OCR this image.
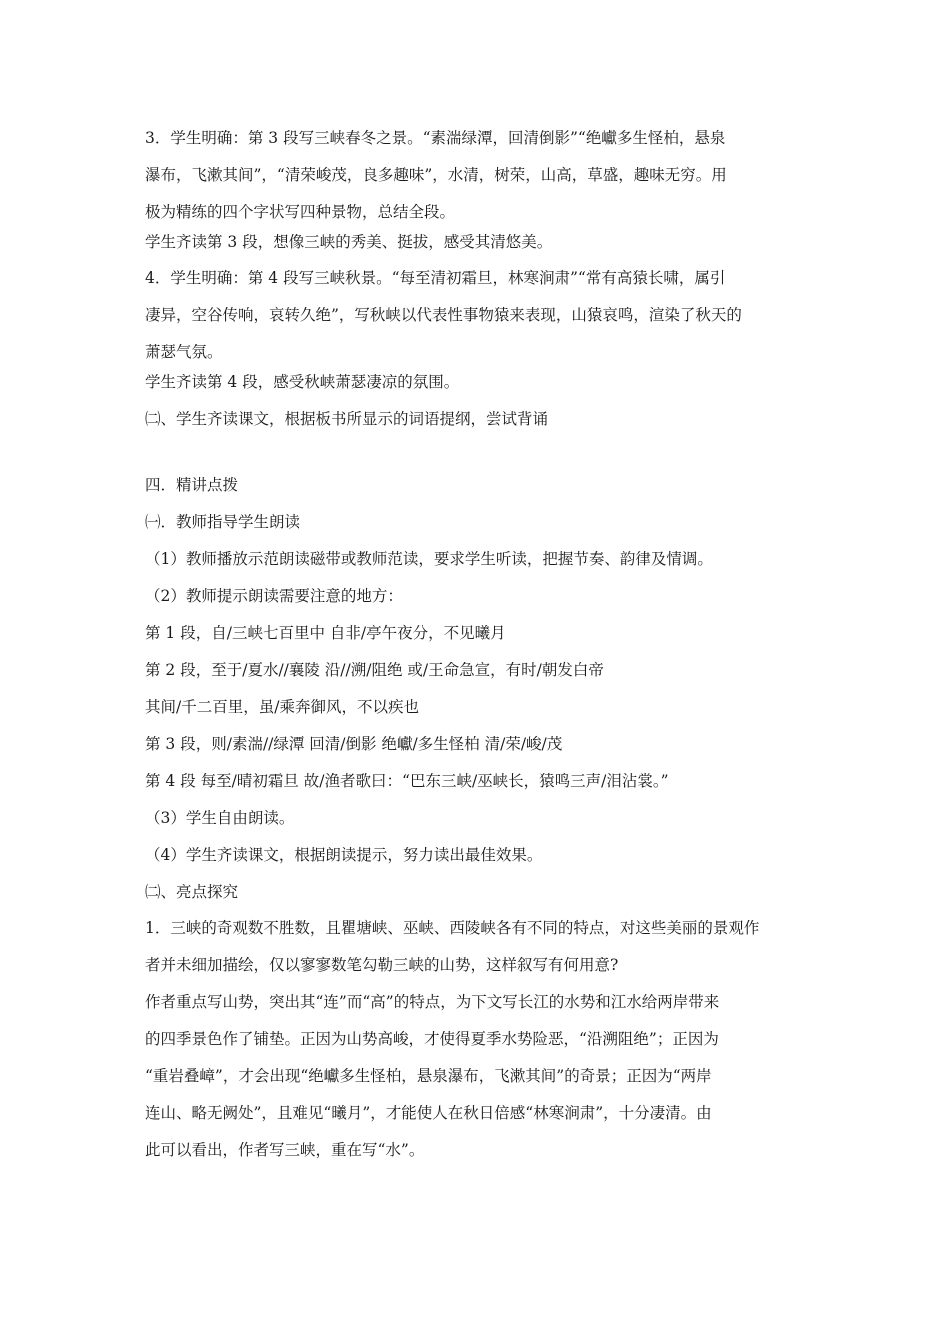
3．学生明确：第 3 段写三峡春冬之景。“素湍绿潭，回清倒影”“绝巘多生怪柏，悬泉

瀑布，飞漱其间”，“清荣峻茂，良多趣味”，水清，树荣，山高，草盛，趣味无穷。用

极为精练的四个字状写四种景物，总结全段。

学生齐读第 3 段，想像三峡的秀美、挺拔，感受其清悠美。

4．学生明确：第 4 段写三峡秋景。“每至清初霜旦，林寒涧肃”“常有高猿长啸，属引

凄异，空谷传响，哀转久绝”，写秋峡以代表性事物猿来表现，山猿哀鸣，渲染了秋天的

萧瑟气氛。

学生齐读第 4 段，感受秋峡萧瑟凄凉的氛围。

㈡、学生齐读课文，根据板书所显示的词语提纲，尝试背诵

四．精讲点拨

㈠．教师指导学生朗读

（1）教师播放示范朗读磁带或教师范读，要求学生听读，把握节奏、韵律及情调。

（2）教师提示朗读需要注意的地方：

第 1 段，自/三峡七百里中 自非/亭午夜分，不见曦月

第 2 段，至于/夏水//襄陵 沿//溯/阻绝 或/王命急宣，有时/朝发白帝

其间/千二百里，虽/乘奔御风，不以疾也

第 3 段，则/素湍//绿潭 回清/倒影 绝巘/多生怪柏 清/荣/峻/茂

第 4 段 每至/晴初霜旦 故/渔者歌曰：“巴东三峡/巫峡长，猿鸣三声/泪沾裳。”

（3）学生自由朗读。

（4）学生齐读课文，根据朗读提示，努力读出最佳效果。

㈡、亮点探究

1．三峡的奇观数不胜数，且瞿塘峡、巫峡、西陵峡各有不同的特点，对这些美丽的景观作

者并未细加描绘，仅以寥寥数笔勾勒三峡的山势，这样叙写有何用意?

作者重点写山势，突出其“连”而“高”的特点，为下文写长江的水势和江水给两岸带来

的四季景色作了铺垫。正因为山势高峻，才使得夏季水势险恶，“沿溯阻绝”；正因为

“重岩叠嶂”，才会出现“绝巘多生怪柏，悬泉瀑布，飞漱其间”的奇景；正因为“两岸

连山、略无阙处”，且难见“曦月”，才能使人在秋日倍感“林寒涧肃”，十分凄清。由

此可以看出，作者写三峡，重在写“水”。
